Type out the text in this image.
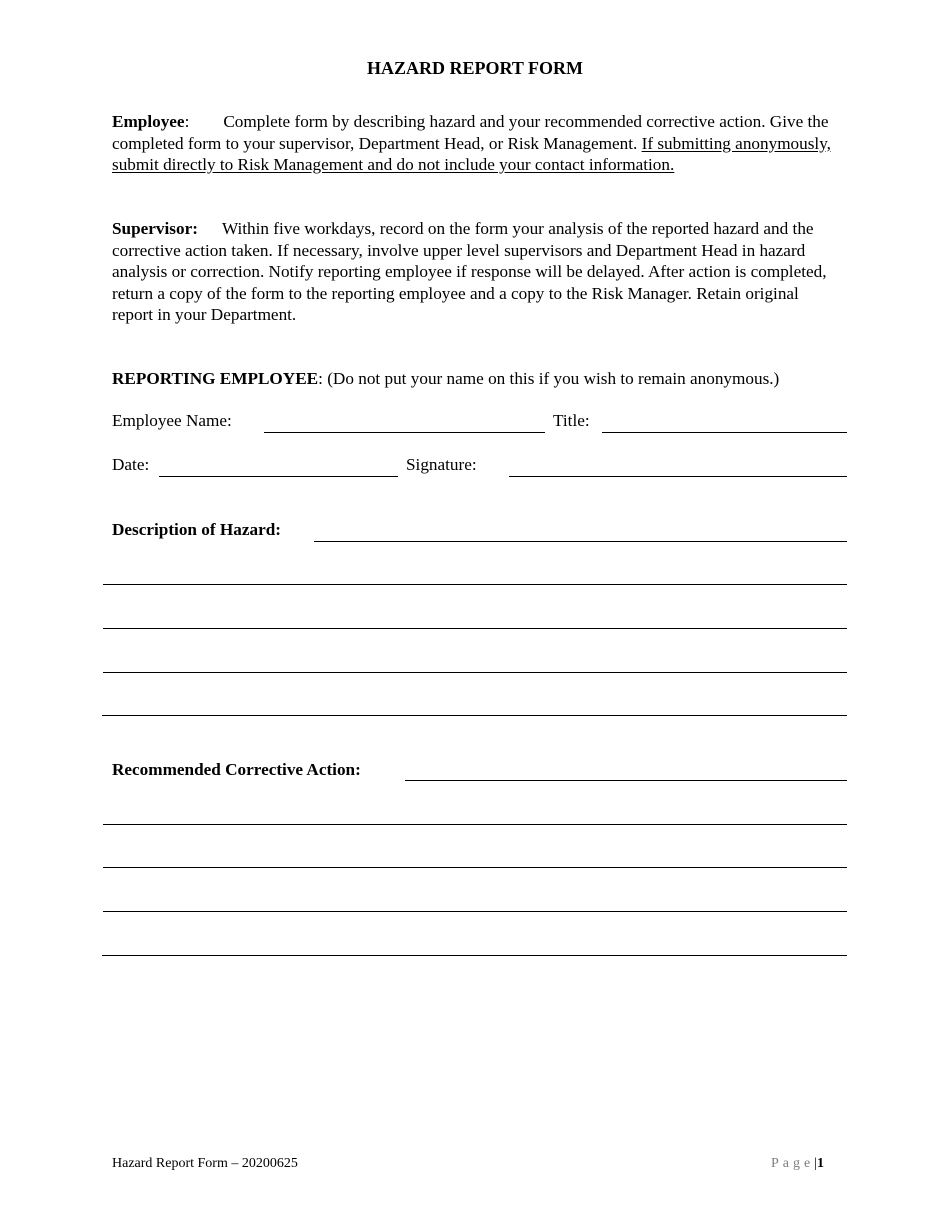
HAZARD REPORT FORM
Employee: Complete form by describing hazard and your recommended corrective action. Give the completed form to your supervisor, Department Head, or Risk Management. If submitting anonymously, submit directly to Risk Management and do not include your contact information.
Supervisor: Within five workdays, record on the form your analysis of the reported hazard and the corrective action taken. If necessary, involve upper level supervisors and Department Head in hazard analysis or correction. Notify reporting employee if response will be delayed. After action is completed, return a copy of the form to the reporting employee and a copy to the Risk Manager. Retain original report in your Department.
REPORTING EMPLOYEE: (Do not put your name on this if you wish to remain anonymous.)
Employee Name:	Title:
Date:	Signature:
Description of Hazard:
Recommended Corrective Action:
Hazard Report Form – 20200625	Page|1
